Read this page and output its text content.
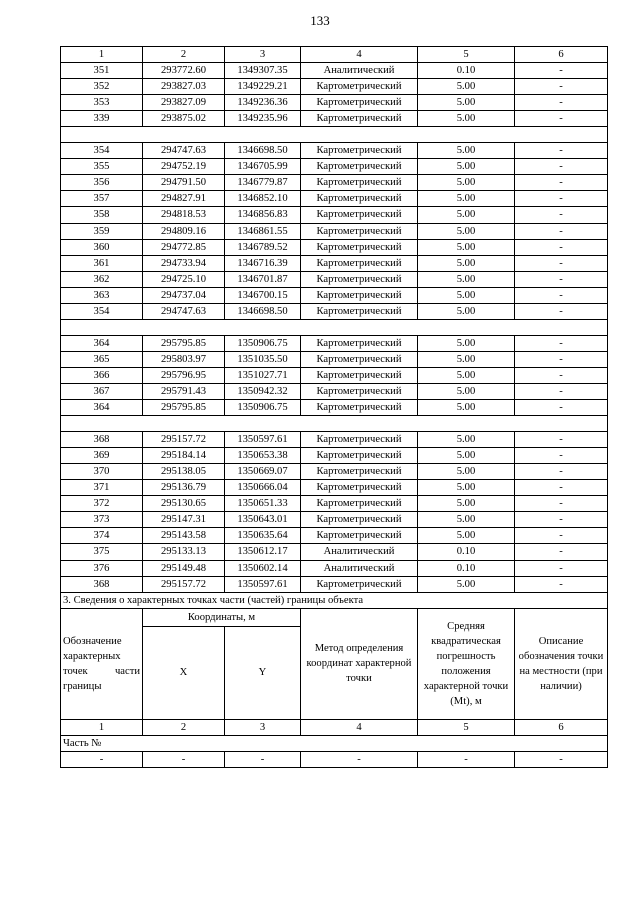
133
1	2	3	4	5	6
351	293772.60	1349307.35	Аналитический	0.10	-
352	293827.03	1349229.21	Картометрический	5.00	-
353	293827.09	1349236.36	Картометрический	5.00	-
339	293875.02	1349235.96	Картометрический	5.00	-

354	294747.63	1346698.50	Картометрический	5.00	-
355	294752.19	1346705.99	Картометрический	5.00	-
356	294791.50	1346779.87	Картометрический	5.00	-
357	294827.91	1346852.10	Картометрический	5.00	-
358	294818.53	1346856.83	Картометрический	5.00	-
359	294809.16	1346861.55	Картометрический	5.00	-
360	294772.85	1346789.52	Картометрический	5.00	-
361	294733.94	1346716.39	Картометрический	5.00	-
362	294725.10	1346701.87	Картометрический	5.00	-
363	294737.04	1346700.15	Картометрический	5.00	-
354	294747.63	1346698.50	Картометрический	5.00	-

364	295795.85	1350906.75	Картометрический	5.00	-
365	295803.97	1351035.50	Картометрический	5.00	-
366	295796.95	1351027.71	Картометрический	5.00	-
367	295791.43	1350942.32	Картометрический	5.00	-
364	295795.85	1350906.75	Картометрический	5.00	-

368	295157.72	1350597.61	Картометрический	5.00	-
369	295184.14	1350653.38	Картометрический	5.00	-
370	295138.05	1350669.07	Картометрический	5.00	-
371	295136.79	1350666.04	Картометрический	5.00	-
372	295130.65	1350651.33	Картометрический	5.00	-
373	295147.31	1350643.01	Картометрический	5.00	-
374	295143.58	1350635.64	Картометрический	5.00	-
375	295133.13	1350612.17	Аналитический	0.10	-
376	295149.48	1350602.14	Аналитический	0.10	-
368	295157.72	1350597.61	Картометрический	5.00	-
3. Сведения о характерных точках части (частей) границы объекта					
Обозначение характерных точек части границы	Координаты, м		Метод определения координат характерной точки	Средняя квадратическая погрешность положения характерной точки (Mt), м	Описание обозначения точки на местности (при наличии)
	X	Y			
1	2	3	4	5	6
Часть №					
-	-	-	-	-	-
